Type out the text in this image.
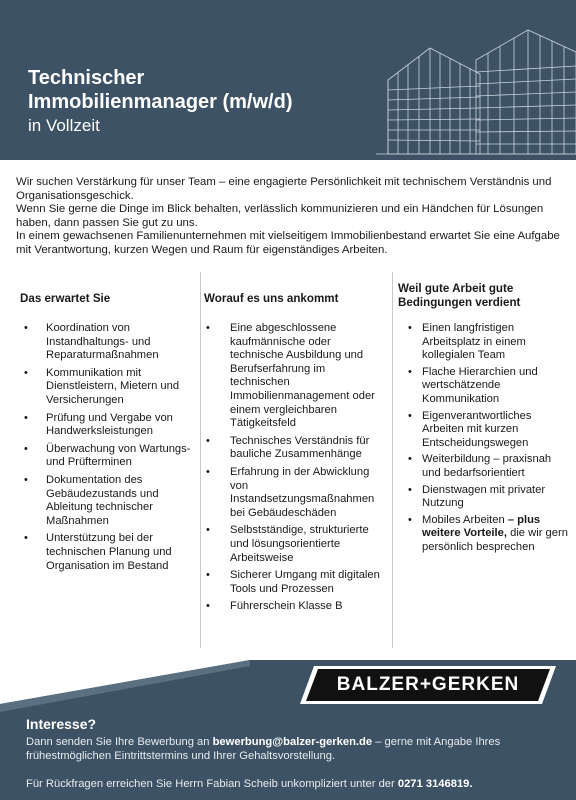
Technischer
Immobilienmanager (m/w/d)
in Vollzeit

Wir suchen Verstärkung für unser Team – eine engagierte Persönlichkeit mit technischem Verständnis und Organisationsgeschick.

Wenn Sie gerne die Dinge im Blick behalten, verlässlich kommunizieren und ein Händchen für Lösungen haben, dann passen Sie gut zu uns.

In einem gewachsenen Familienunternehmen mit vielseitigem Immobilienbestand erwartet Sie eine Aufgabe mit Verantwortung, kurzen Wegen und Raum für eigenständiges Arbeiten.

Das erwartet Sie
• Koordination von Instandhaltungs- und Reparaturmaßnahmen
• Kommunikation mit Dienstleistern, Mietern und Versicherungen
• Prüfung und Vergabe von Handwerksleistungen
• Überwachung von Wartungs- und Prüfterminen
• Dokumentation des Gebäudezustands und Ableitung technischer Maßnahmen
• Unterstützung bei der technischen Planung und Organisation im Bestand
Worauf es uns ankommt
• Eine abgeschlossene kaufmännische oder technische Ausbildung und Berufserfahrung im technischen Immobilienmanagement oder einem vergleichbaren Tätigkeitsfeld
• Technisches Verständnis für bauliche Zusammenhänge
• Erfahrung in der Abwicklung von Instandsetzungsmaßnahmen bei Gebäudeschäden
• Selbstständige, strukturierte und lösungsorientierte Arbeitsweise
• Sicherer Umgang mit digitalen Tools und Prozessen
• Führerschein Klasse B
Weil gute Arbeit gute Bedingungen verdient
• Einen langfristigen Arbeitsplatz in einem kollegialen Team
• Flache Hierarchien und wertschätzende Kommunikation
• Eigenverantwortliches Arbeiten mit kurzen Entscheidungswegen
• Weiterbildung – praxisnah und bedarfsorientiert
• Dienstwagen mit privater Nutzung
• Mobiles Arbeiten – plus weitere Vorteile, die wir gern persönlich besprechen
BALZER+GERKEN

Interesse?

Dann senden Sie Ihre Bewerbung an bewerbung@balzer-gerken.de – gerne mit Angabe Ihres frühestmöglichen Eintrittstermins und Ihrer Gehaltsvorstellung.

Für Rückfragen erreichen Sie Herrn Fabian Scheib unkompliziert unter der 0271 3146819.
